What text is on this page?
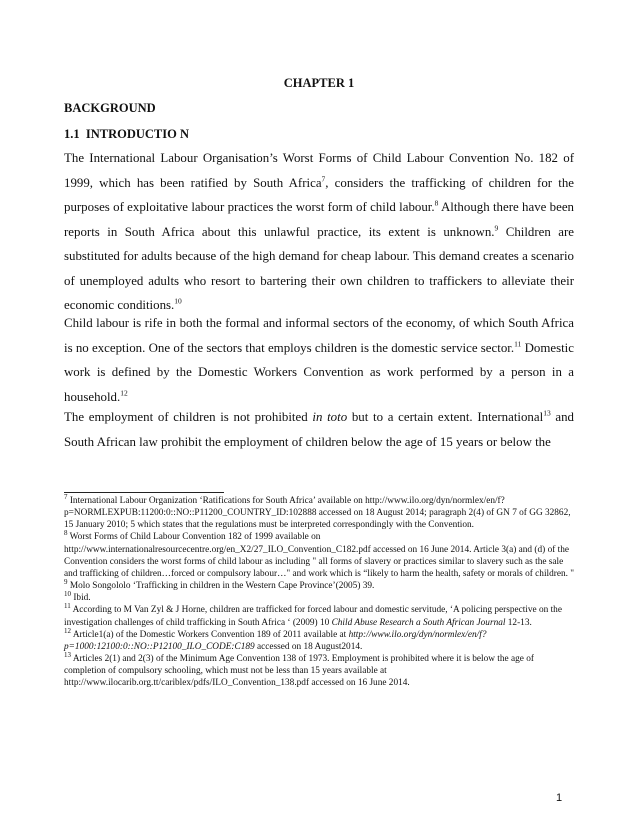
CHAPTER 1
BACKGROUND
1.1 INTRODUCTIO N

The International Labour Organisation’s Worst Forms of Child Labour Convention No. 182 of 1999, which has been ratified by South Africa$^7$, considers the trafficking of children for the purposes of exploitative labour practices the worst form of child labour.$^8$ Although there have been reports in South Africa about this unlawful practice, its extent is unknown.$^9$ Children are substituted for adults because of the high demand for cheap labour. This demand creates a scenario of unemployed adults who resort to bartering their own children to traffickers to alleviate their economic conditions.$^{10}$

Child labour is rife in both the formal and informal sectors of the economy, of which South Africa is no exception. One of the sectors that employs children is the domestic service sector.$^{11}$ Domestic work is defined by the Domestic Workers Convention as work performed by a person in a household.$^{12}$

The employment of children is not prohibited in toto but to a certain extent. International$^{13}$ and South African law prohibit the employment of children below the age of 15 years or below the

$^7$ International Labour Organization ‘Ratifications for South Africa’ available on http://www.ilo.org/dyn/normlex/en/f?p=NORMLEXPUB:11200:0::NO::P11200_COUNTRY_ID:102888 accessed on 18 August 2014; paragraph 2(4) of GN 7 of GG 32862, 15 January 2010; 5 which states that the regulations must be interpreted correspondingly with the Convention.

$^8$ Worst Forms of Child Labour Convention 182 of 1999 available on http://www.internationalresourcecentre.org/en_X2/27_ILO_Convention_C182.pdf accessed on 16 June 2014. Article 3(a) and (d) of the Convention considers the worst forms of child labour as including " all forms of slavery or practices similar to slavery such as the sale and trafficking of children…forced or compulsory labour…" and work which is “likely to harm the health, safety or morals of children. "

$^9$ Molo Songololo ‘Trafficking in children in the Western Cape Province’(2005) 39.

$^{10}$ Ibid.

$^{11}$ According to M Van Zyl & J Horne, children are trafficked for forced labour and domestic servitude, ‘A policing perspective on the investigation challenges of child trafficking in South Africa ‘ (2009) 10 Child Abuse Research a South African Journal 12-13.

$^{12}$ Article1(a) of the Domestic Workers Convention 189 of 2011 available at http://www.ilo.org/dyn/normlex/en/f?p=1000:12100:0::NO::P12100_ILO_CODE:C189 accessed on 18 August2014.

$^{13}$ Articles 2(1) and 2(3) of the Minimum Age Convention 138 of 1973. Employment is prohibited where it is below the age of completion of compulsory schooling, which must not be less than 15 years available at http://www.ilocarib.org.tt/cariblex/pdfs/ILO_Convention_138.pdf accessed on 16 June 2014.

1
